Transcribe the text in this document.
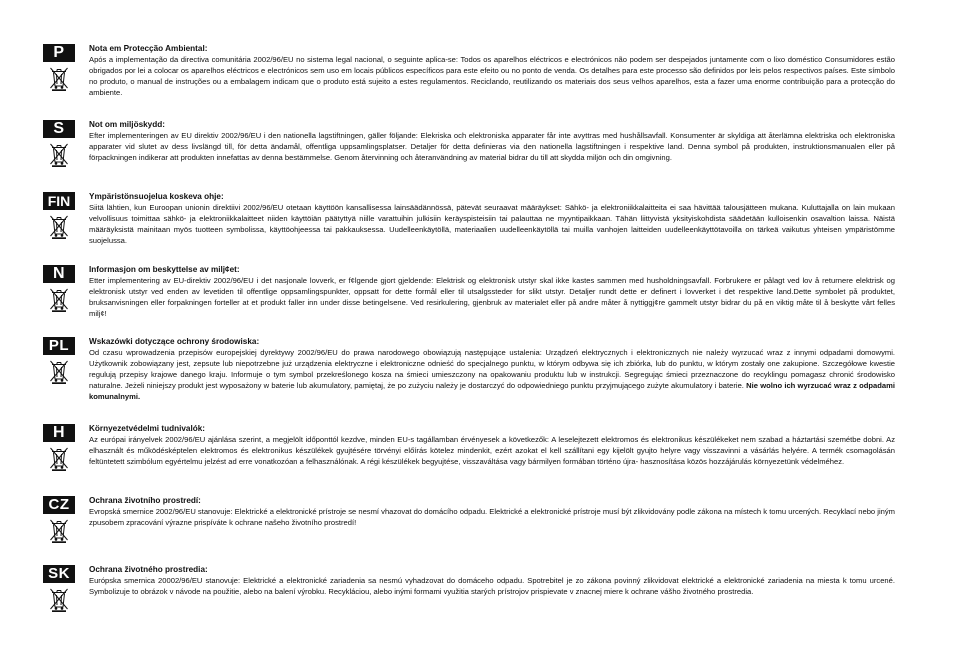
P	Nota em Protecção Ambiental:

Após a implementação da directiva comunitária 2002/96/EU no sistema legal nacional, o seguinte aplica-se: Todos os aparelhos eléctricos e electrónicos não podem ser despejados juntamente com o lixo doméstico Consumidores estão obrigados por lei a colocar os aparelhos eléctricos e electrónicos sem uso em locais públicos específicos para este efeito ou no ponto de venda. Os detalhes para este processo são definidos por leis pelos respectivos países. Este símbolo no produto, o manual de instruções ou a embalagem indicam que o produto está sujeito a estes regulamentos. Reciclando, reutilizando os materiais dos seus velhos aparelhos, esta a fazer uma enorme contribuição para a protecção do ambiente.

S	Not om miljöskydd:

Efter implementeringen av EU direktiv 2002/96/EU i den nationella lagstiftningen, gäller följande: Elekriska och elektroniska apparater får inte avyttras med hushållsavfall. Konsumenter är skyldiga att återlämna elektriska och elektroniska apparater vid slutet av dess livslängd till, för detta ändamål, offentliga uppsamlingsplatser. Detaljer för detta definieras via den nationella lagstiftningen i respektive land. Denna symbol på produkten, instruktionsmanualen eller på förpackningen indikerar att produkten innefattas av denna bestämmelse. Genom återvinning och återanvändning av material bidrar du till att skydda miljön och din omgivning.

FIN	Ympäristönsuojelua koskeva ohje:

Siitä lähtien, kun Euroopan unionin direktiivi 2002/96/EU otetaan käyttöön kansallisessa lainsäädännössä, pätevät seuraavat määräykset: Sähkö- ja elektroniikkalaitteita ei saa hävittää talousjätteen mukana. Kuluttajalla on lain mukaan velvollisuus toimittaa sähkö- ja elektroniikkalaitteet niiden käyttöiän päätyttyä niille varattuihin julkisiin keräyspisteisiin tai palauttaa ne myyntipaikkaan. Tähän liittyvistä yksityiskohdista säädetään kulloisenkin osavaltion laissa. Näistä määräyksistä mainitaan myös tuotteen symbolissa, käyttöohjeessa tai pakkauksessa. Uudelleenkäytöllä, materiaalien uudelleenkäytöllä tai muilla vanhojen laitteiden uudelleenkäyttötavoilla on tärkeä vaikutus yhteisen ympäristömme suojelussa.

N	Informasjon om beskyttelse av milj¢et:

Etter implementering av EU-direktiv 2002/96/EU i det nasjonale lovverk, er f¢lgende gjort gjeldende: Elektrisk og elektronisk utstyr skal ikke kastes sammen med husholdningsavfall. Forbrukere er pålagt ved lov å returnere elektrisk og elektronisk utstyr ved enden av levetiden til offentlige oppsamlingspunkter, oppsatt for dette formål eller til utsalgssteder for slikt utstyr. Detaljer rundt dette er definert i lovverket i det respektive land.Dette symbolet på produktet, bruksanvisningen eller forpakningen forteller at et produkt faller inn under disse betingelsene. Ved resirkulering, gjenbruk av materialet eller på andre måter å nyttiggj¢re gammelt utstyr bidrar du på en viktig måte til å beskytte vårt felles milj¢!

PL	Wskazówki dotyczące ochrony środowiska:

Od czasu wprowadzenia przepisów europejskiej dyrektywy 2002/96/EU do prawa narodowego obowiązują następujące ustalenia: Urządzeń elektrycznych i elektronicznych nie należy wyrzucać wraz z innymi odpadami domowymi. Użytkownik zobowiązany jest, zepsute lub niepotrzebne już urządzenia elektryczne i elektroniczne odnieść do specjalnego punktu, w którym odbywa się ich zbiórka, lub do punktu, w którym zostały one zakupione. Szczegółowe kwestie regulują przepisy krajowe danego kraju. Informuje o tym symbol przekreślonego kosza na śmieci umieszczony na opakowaniu produktu lub w instrukcji. Segregując śmieci przeznaczone do recyklingu pomagasz chronić środowisko naturalne. Jeżeli niniejszy produkt jest wyposażony w baterie lub akumulatory, pamiętaj, że po zużyciu należy je dostarczyć do odpowiedniego punktu przyjmującego zużyte akumulatory i baterie. Nie wolno ich wyrzucać wraz z odpadami komunalnymi.

H	Környezetvédelmi tudnivalók:

Az európai irányelvek 2002/96/EU ajánlása szerint, a megjelölt időponttól kezdve, minden EU-s tagállamban érvényesek a következők: A leselejtezett elektromos és elektronikus készülékeket nem szabad a háztartási szemétbe dobni. Az elhasznált és működésképtelen elektromos és elektronikus készülékek gyujtésére törvényi előírás kötelez mindenkit, ezért azokat el kell szállítani egy kijelölt gyujto helyre vagy visszavinni a vásárlás helyére. A termék csomagolásán feltüntetett szimbólum egyértelmu jelzést ad erre vonatkozóan a felhasználónak. A régi készülékek begyujtése, visszaváltása vagy bármilyen formában történo újra- hasznosítása közös hozzájárulás környezetünk védelméhez.

CZ	Ochrana životního prostredí:

Evropská smernice 2002/96/EU stanovuje: Elektrické a elektronické prístroje se nesmí vhazovat do domácího odpadu. Elektrické a elektronické prístroje musí být zlikvidovány podle zákona na místech k tomu urcených. Recyklací nebo jiným zpusobem zpracování výrazne prispíváte k ochrane našeho životního prostredí!

SK	Ochrana životného prostredia:

Európska smernica 20002/96/EU stanovuje: Elektrické a elektronické zariadenia sa nesmú vyhadzovat do domáceho odpadu. Spotrebitel je zo zákona povinný zlikvidovat elektrické a elektronické zariadenia na miesta k tomu urcené. Symbolizuje to obrázok v návode na použitie, alebo na balení výrobku. Recykláciou, alebo inými formami využitia starých prístrojov prispievate v znacnej miere k ochrane vášho životného prostredia.
